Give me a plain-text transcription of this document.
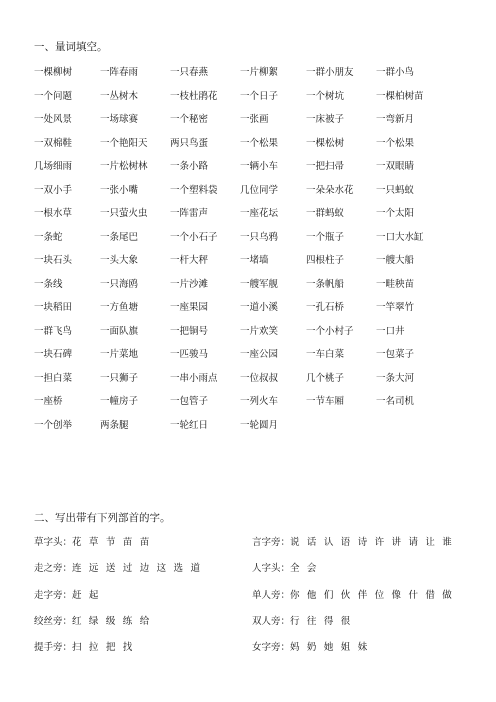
一、量词填空。
一棵柳树	一阵春雨	一只春燕	一片柳絮	一群小朋友	一群小鸟
一个问题	一丛树木	一枝杜鹃花	一个日子	一个树坑	一棵柏树苗
一处风景	一场球赛	一个秘密	一张画	一床被子	一弯新月
一双棉鞋	一个艳阳天	两只鸟蛋	一个松果	一棵松树	一个松果
几场细雨	一片松树林	一条小路	一辆小车	一把扫帚	一双眼睛
一双小手	一张小嘴	一个塑料袋	几位同学	一朵朵水花	一只蚂蚁
一根水草	一只萤火虫	一阵雷声	一座花坛	一群蚂蚁	一个太阳
一条蛇	一条尾巴	一个小石子	一只乌鸦	一个瓶子	一口大水缸
一块石头	一头大象	一杆大秤	一堵墙	四根柱子	一艘大船
一条线	一只海鸥	一片沙滩	一艘军舰	一条帆船	一畦秧苗
一块稻田	一方鱼塘	一座果园	一道小溪	一孔石桥	一竿翠竹
一群飞鸟	一面队旗	一把铜号	一片欢笑	一个小村子	一口井
一块石碑	一片菜地	一匹骏马	一座公园	一车白菜	一包菜子
一担白菜	一只狮子	一串小雨点	一位叔叔	几个桃子	一条大河
一座桥	一幢房子	一包管子	一列火车	一节车厢	一名司机
一个创举	两条腿	一轮红日	一轮圆月
二、写出带有下列部首的字。
草字头：花 草 节 苗 苗	言字旁：说 话 认 语 诗 许 讲 请 让 谁
走之旁：连 远 送 过 边 这 选 道	人字头：全 会
走字旁：赶 起	单人旁：你 他 们 伙 伴 位 像 什 借 做
绞丝旁：红 绿 级 练 给	双人旁：行 往 得 很
提手旁：扫 拉 把 找	女字旁：妈 奶 她 姐 妹
